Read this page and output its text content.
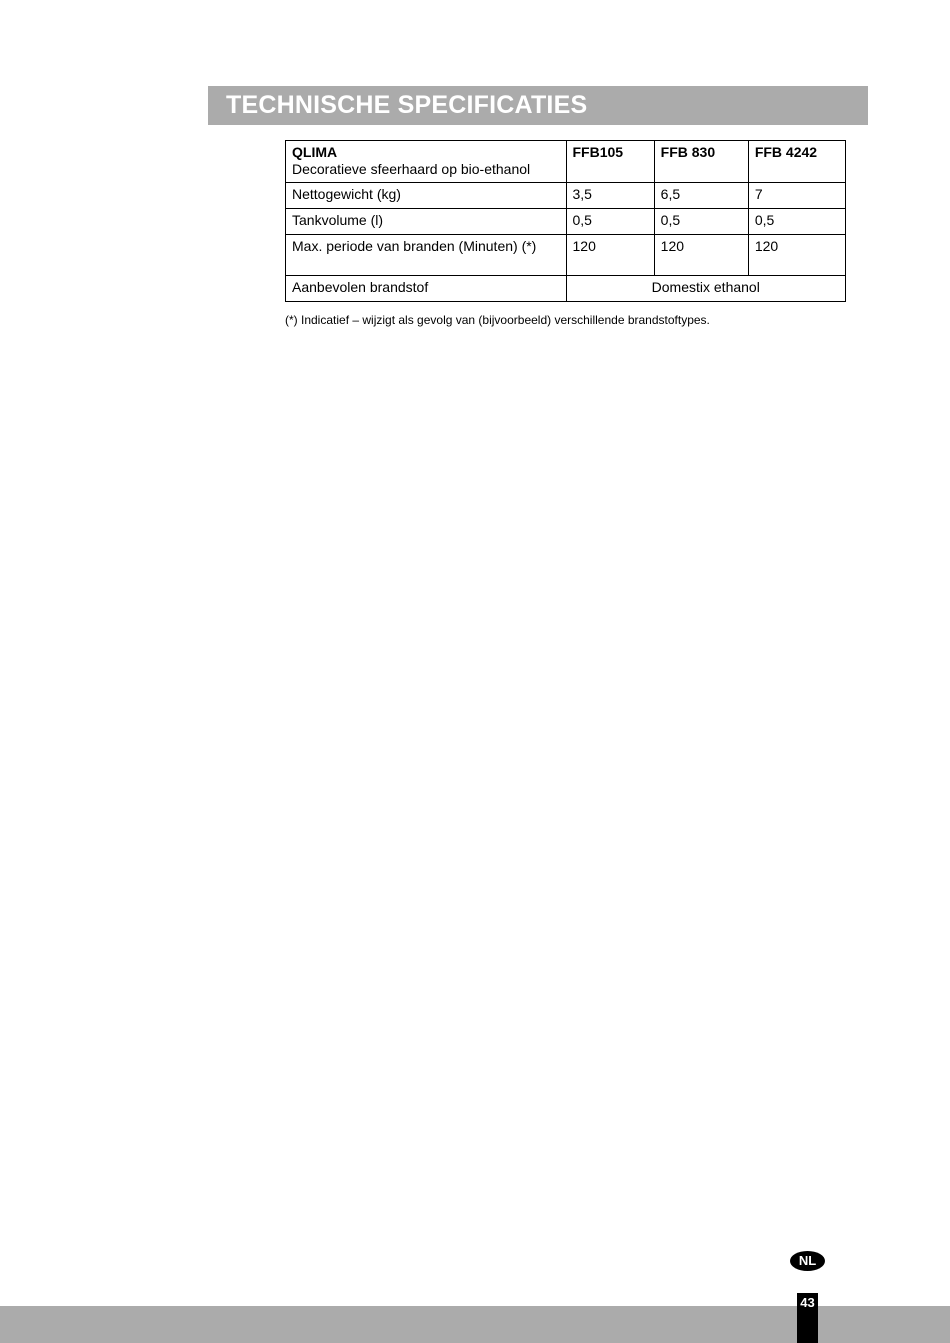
TECHNISCHE SPECIFICATIES
QLIMA
Decoratieve sfeerhaard op bio-ethanol	FFB105	FFB 830	FFB 4242
Nettogewicht (kg)	3,5	6,5	7
Tankvolume (l)	0,5	0,5	0,5
Max. periode van branden (Minuten) (*)	120	120	120
Aanbevolen brandstof	Domestix ethanol		
(*) Indicatief – wijzigt als gevolg van (bijvoorbeeld) verschillende brandstoftypes.
NL
43
